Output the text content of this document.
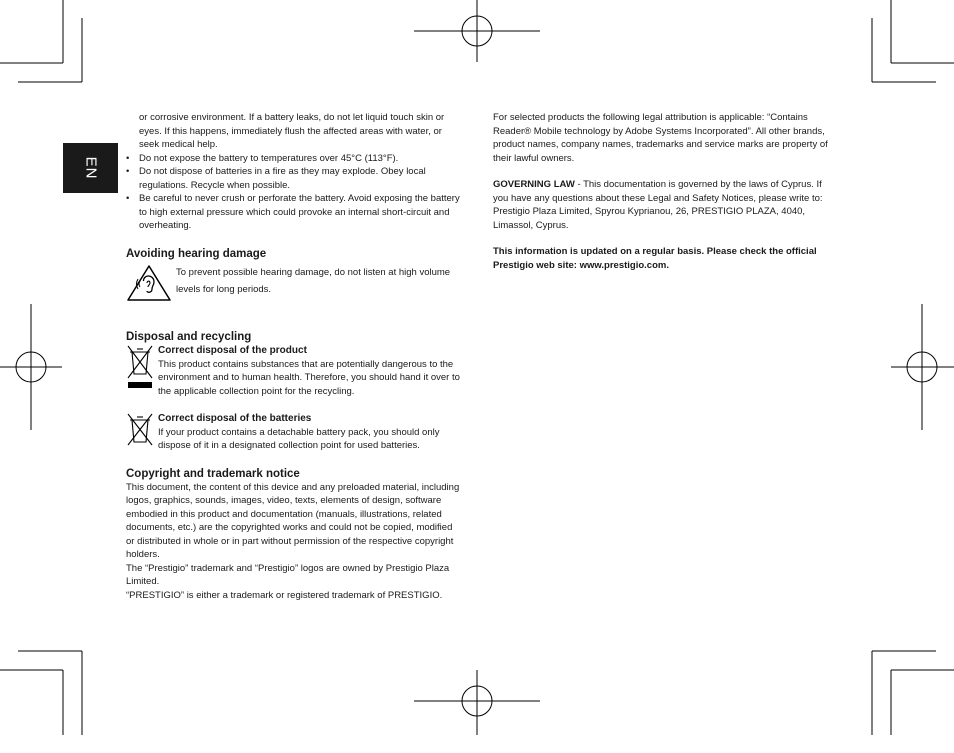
EN

or corrosive environment. If a battery leaks, do not let liquid touch skin or eyes. If this happens, immediately flush the affected areas with water, or seek medical help.

• Do not expose the battery to temperatures over 45°C (113°F).
• Do not dispose of batteries in a fire as they may explode. Obey local regulations. Recycle when possible.
• Be careful to never crush or perforate the battery. Avoid exposing the battery to high external pressure which could provoke an internal short-circuit and overheating.
Avoiding hearing damage

To prevent possible hearing damage, do not listen at high volume levels for long periods.

Disposal and recycling
Correct disposal of the product

This product contains substances that are potentially dangerous to the environment and to human health. Therefore, you should hand it over to the applicable collection point for the recycling.

Correct disposal of the batteries

If your product contains a detachable battery pack, you should only dispose of it in a designated collection point for used batteries.

Copyright and trademark notice

This document, the content of this device and any preloaded material, including logos, graphics, sounds, images, video, texts, elements of design, software embodied in this product and documentation (manuals, illustrations, related documents, etc.) are the copyrighted works and could not be copied, modified or distributed in whole or in part without permission of the respective copyright holders.

The “Prestigio” trademark and “Prestigio” logos are owned by Prestigio Plaza Limited.

“PRESTIGIO” is either a trademark or registered trademark of PRESTIGIO.

For selected products the following legal attribution is applicable: “Contains Reader® Mobile technology by Adobe Systems Incorporated”. All other brands, product names, company names, trademarks and service marks are property of their lawful owners.

GOVERNING LAW - This documentation is governed by the laws of Cyprus. If you have any questions about these Legal and Safety Notices, please write to: Prestigio Plaza Limited, Spyrou Kyprianou, 26, PRESTIGIO PLAZA, 4040, Limassol, Cyprus.

This information is updated on a regular basis. Please check the official Prestigio web site: www.prestigio.com.
